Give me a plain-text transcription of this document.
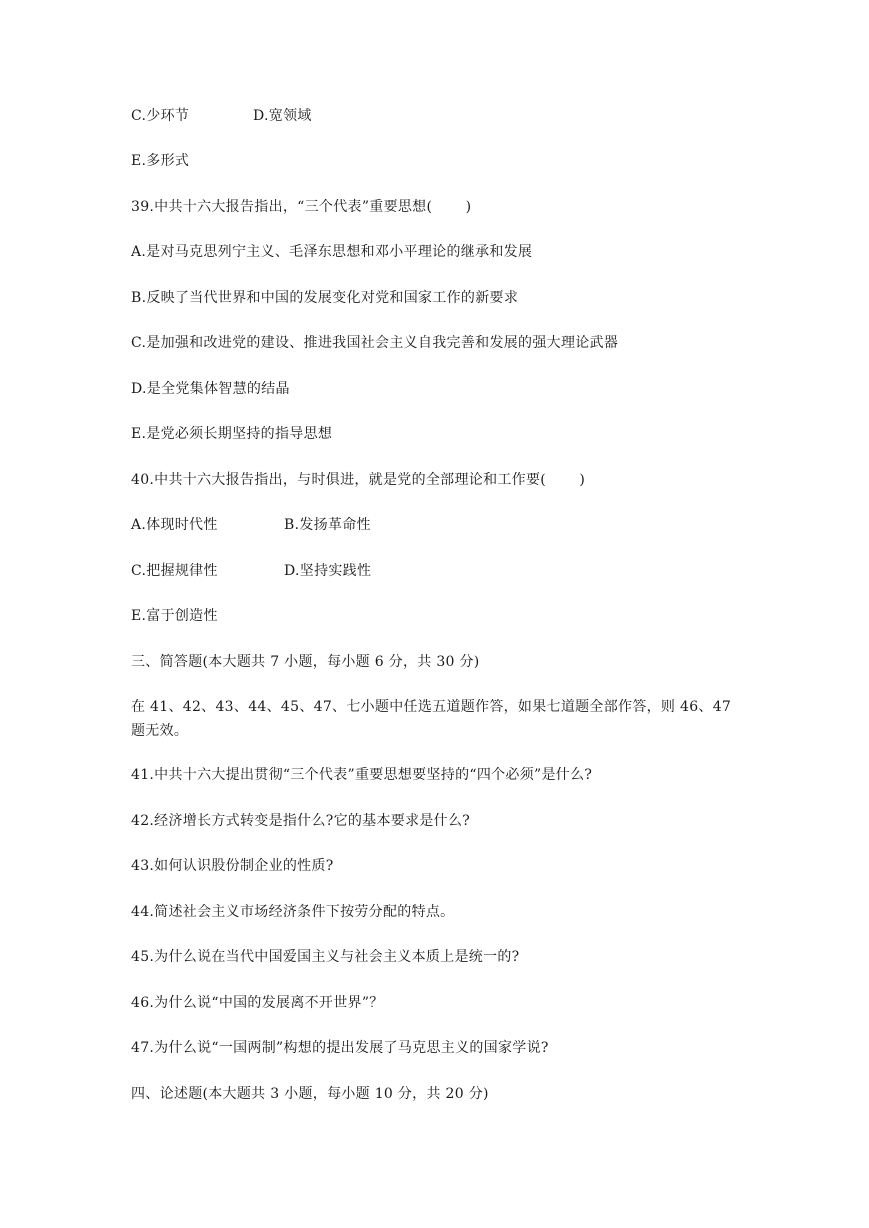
C.少环节	D.宽领域
E.多形式
39.中共十六大报告指出，“三个代表”重要思想(　　 )
A.是对马克思列宁主义、毛泽东思想和邓小平理论的继承和发展
B.反映了当代世界和中国的发展变化对党和国家工作的新要求
C.是加强和改进党的建设、推进我国社会主义自我完善和发展的强大理论武器
D.是全党集体智慧的结晶
E.是党必须长期坚持的指导思想
40.中共十六大报告指出，与时俱进，就是党的全部理论和工作要(　　 )
A.体现时代性	B.发扬革命性
C.把握规律性	D.坚持实践性
E.富于创造性
三、简答题(本大题共 7 小题，每小题 6 分，共 30 分)
在 41、42、43、44、45、47、七小题中任选五道题作答，如果七道题全部作答，则 46、47 题无效。
41.中共十六大提出贯彻“三个代表”重要思想要坚持的“四个必须”是什么?
42.经济增长方式转变是指什么?它的基本要求是什么?
43.如何认识股份制企业的性质?
44.简述社会主义市场经济条件下按劳分配的特点。
45.为什么说在当代中国爱国主义与社会主义本质上是统一的?
46.为什么说“中国的发展离不开世界”？
47.为什么说“一国两制”构想的提出发展了马克思主义的国家学说?
四、论述题(本大题共 3 小题，每小题 10 分，共 20 分)
